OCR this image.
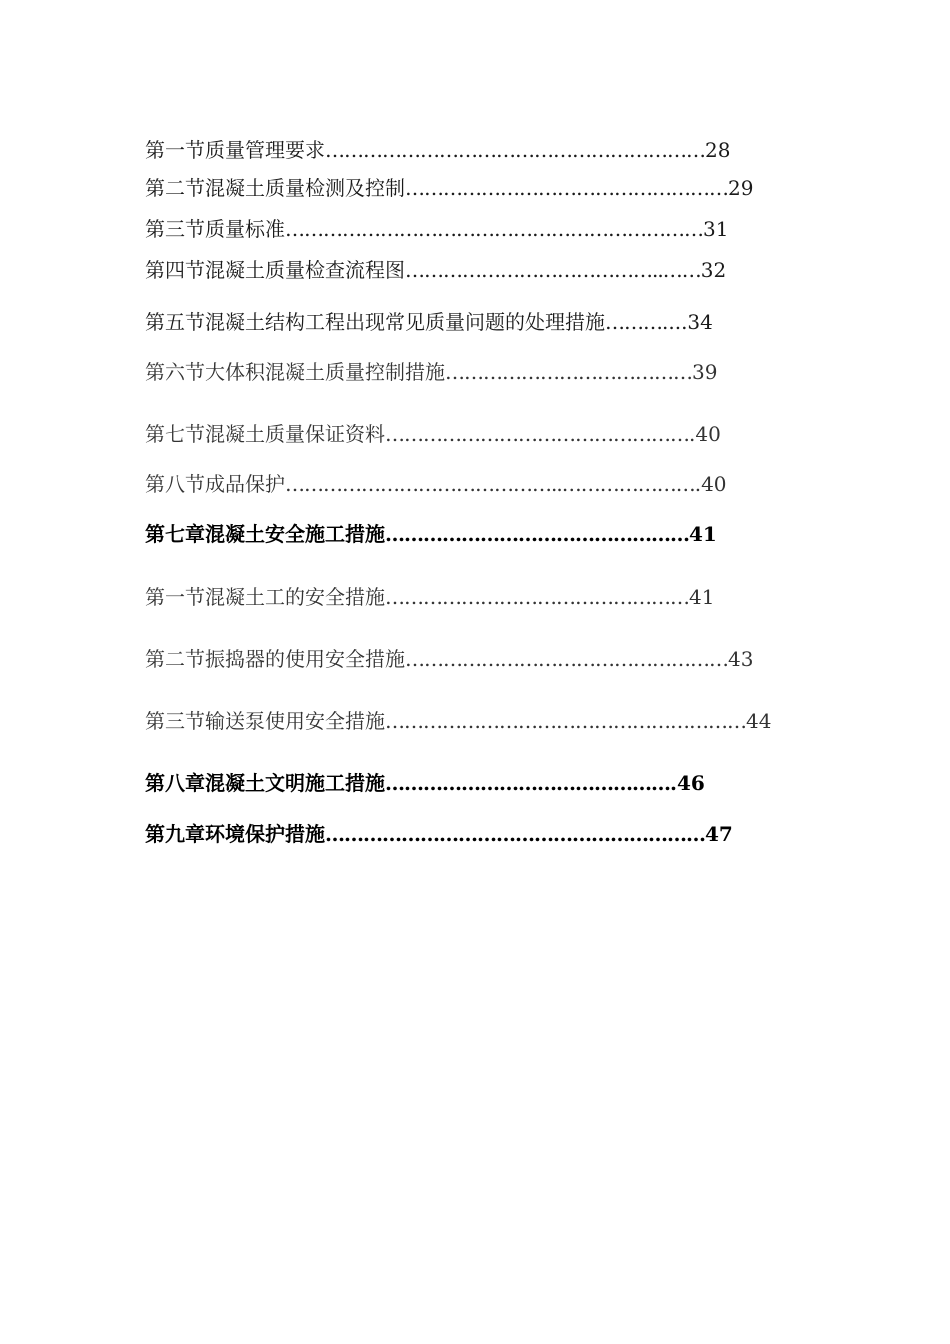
第一节质量管理要求……………………………………………………28
第二节混凝土质量检测及控制……………………………………………29
第三节质量标准…………………………………………………………31
第四节混凝土质量检查流程图…………………………………..……32
第五节混凝土结构工程出现常见质量问题的处理措施………....34
第六节大体积混凝土质量控制措施…………………………………39
第七节混凝土质量保证资料………………………………………….40
第八节成品保护……………………………………..………………….40
第七章混凝土安全施工措施…………………………………………41
第一节混凝土工的安全措施…………………………………………41
第二节振捣器的使用安全措施……………………………………………43
第三节输送泵使用安全措施…………………………………………………44
第八章混凝土文明施工措施……………………………………….46
第九章环境保护措施……………………………………………………47
